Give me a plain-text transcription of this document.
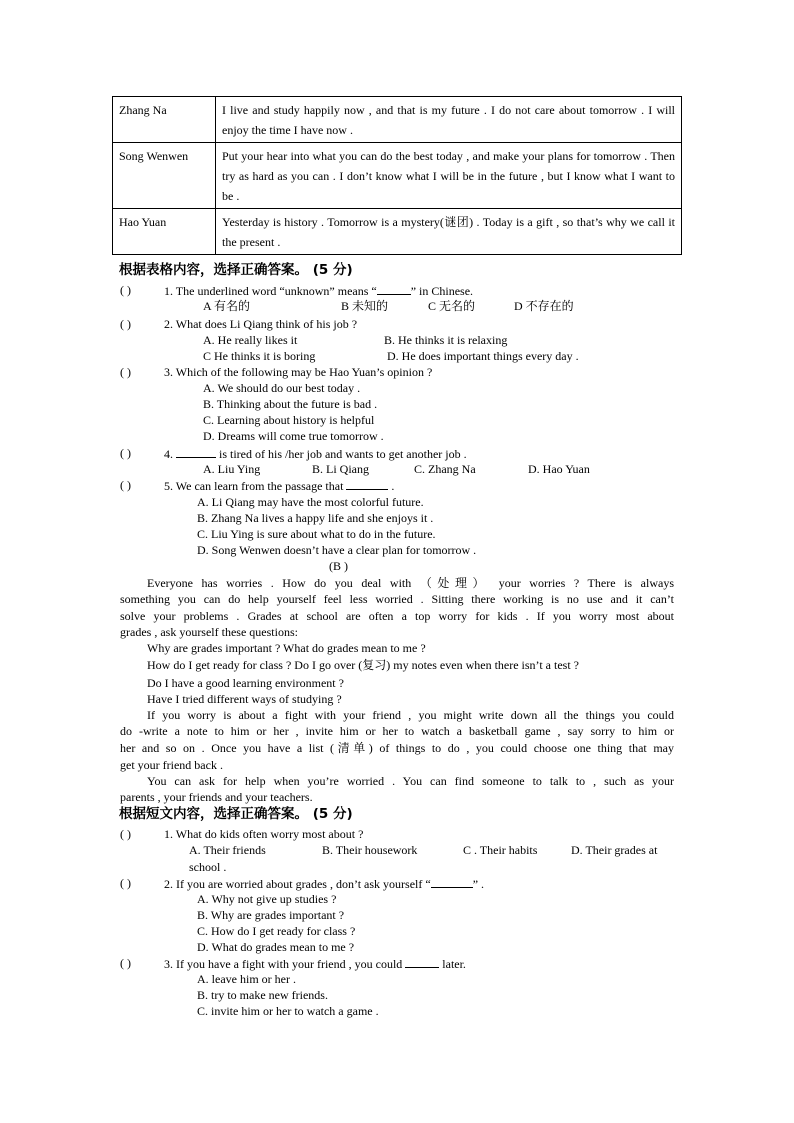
Zhang Na	I live and study happily now , and that is my future . I do not care about tomorrow . I will enjoy the time I have now .
Song Wenwen	Put your hear into what you can do the best today , and make your plans for tomorrow . Then try as hard as you can . I don’t know what I will be in the future , but I know what I want to be .
Hao Yuan	Yesterday is history . Tomorrow is a mystery(谜团) . Today is a gift , so that’s why we call it the present .
根据表格内容，选择正确答案。 (5 分)
( )	1. The underlined word “unknown” means “	” in Chinese.
A 有名的	B 未知的	C 无名的	D 不存在的
( )	2. What does Li Qiang think of his job ?
A. He really likes it	B. He thinks it is relaxing
C He thinks it is boring	D. He does important things every day .
( )	3. Which of the following may be Hao Yuan’s opinion ?
A. We should do our best today .
B. Thinking about the future is bad .
C. Learning about history is helpful
D. Dreams will come true tomorrow .
( )	4.	is tired of his /her job and wants to get another job .
A. Liu Ying	B. Li Qiang	C. Zhang Na	D. Hao Yuan
( )	5. We can learn from the passage that	.
A. Li Qiang may have the most colorful future.
B. Zhang Na lives a happy life and she enjoys it .
C. Liu Ying is sure about what to do in the future.
D. Song Wenwen doesn’t have a clear plan for tomorrow .
(B )
Everyone has worries . How do you deal with （处理） your worries ? There is always
something you can do help yourself feel less worried . Sitting there working is no use and it can’t
solve your problems . Grades at school are often a top worry for kids . If you worry most about
grades , ask yourself these questions:
Why are grades important ? What do grades mean to me ?
How do I get ready for class ? Do I go over (复习) my notes even when there isn’t a test ?
Do I have a good learning environment ?
Have I tried different ways of studying ?
If you worry is about a fight with your friend , you might write down all the things you could
do -write a note to him or her , invite him or her to watch a basketball game , say sorry to him or
her and so on . Once you have a list (清单) of things to do , you could choose one thing that may
get your friend back .
You can ask for help when you’re worried . You can find someone to talk to , such as your
parents , your friends and your teachers.
根据短文内容，选择正确答案。 (5 分)
( )	1. What do kids often worry most about ?
A. Their friends	B. Their housework	C . Their habits	D. Their grades at
school .
( )	2. If you are worried about grades , don’t ask yourself “	” .
A. Why not give up studies ?
B. Why are grades important ?
C. How do I get ready for class ?
D. What do grades mean to me ?
( )	3. If you have a fight with your friend , you could	later.
A. leave him or her .
B. try to make new friends.
C. invite him or her to watch a game .
